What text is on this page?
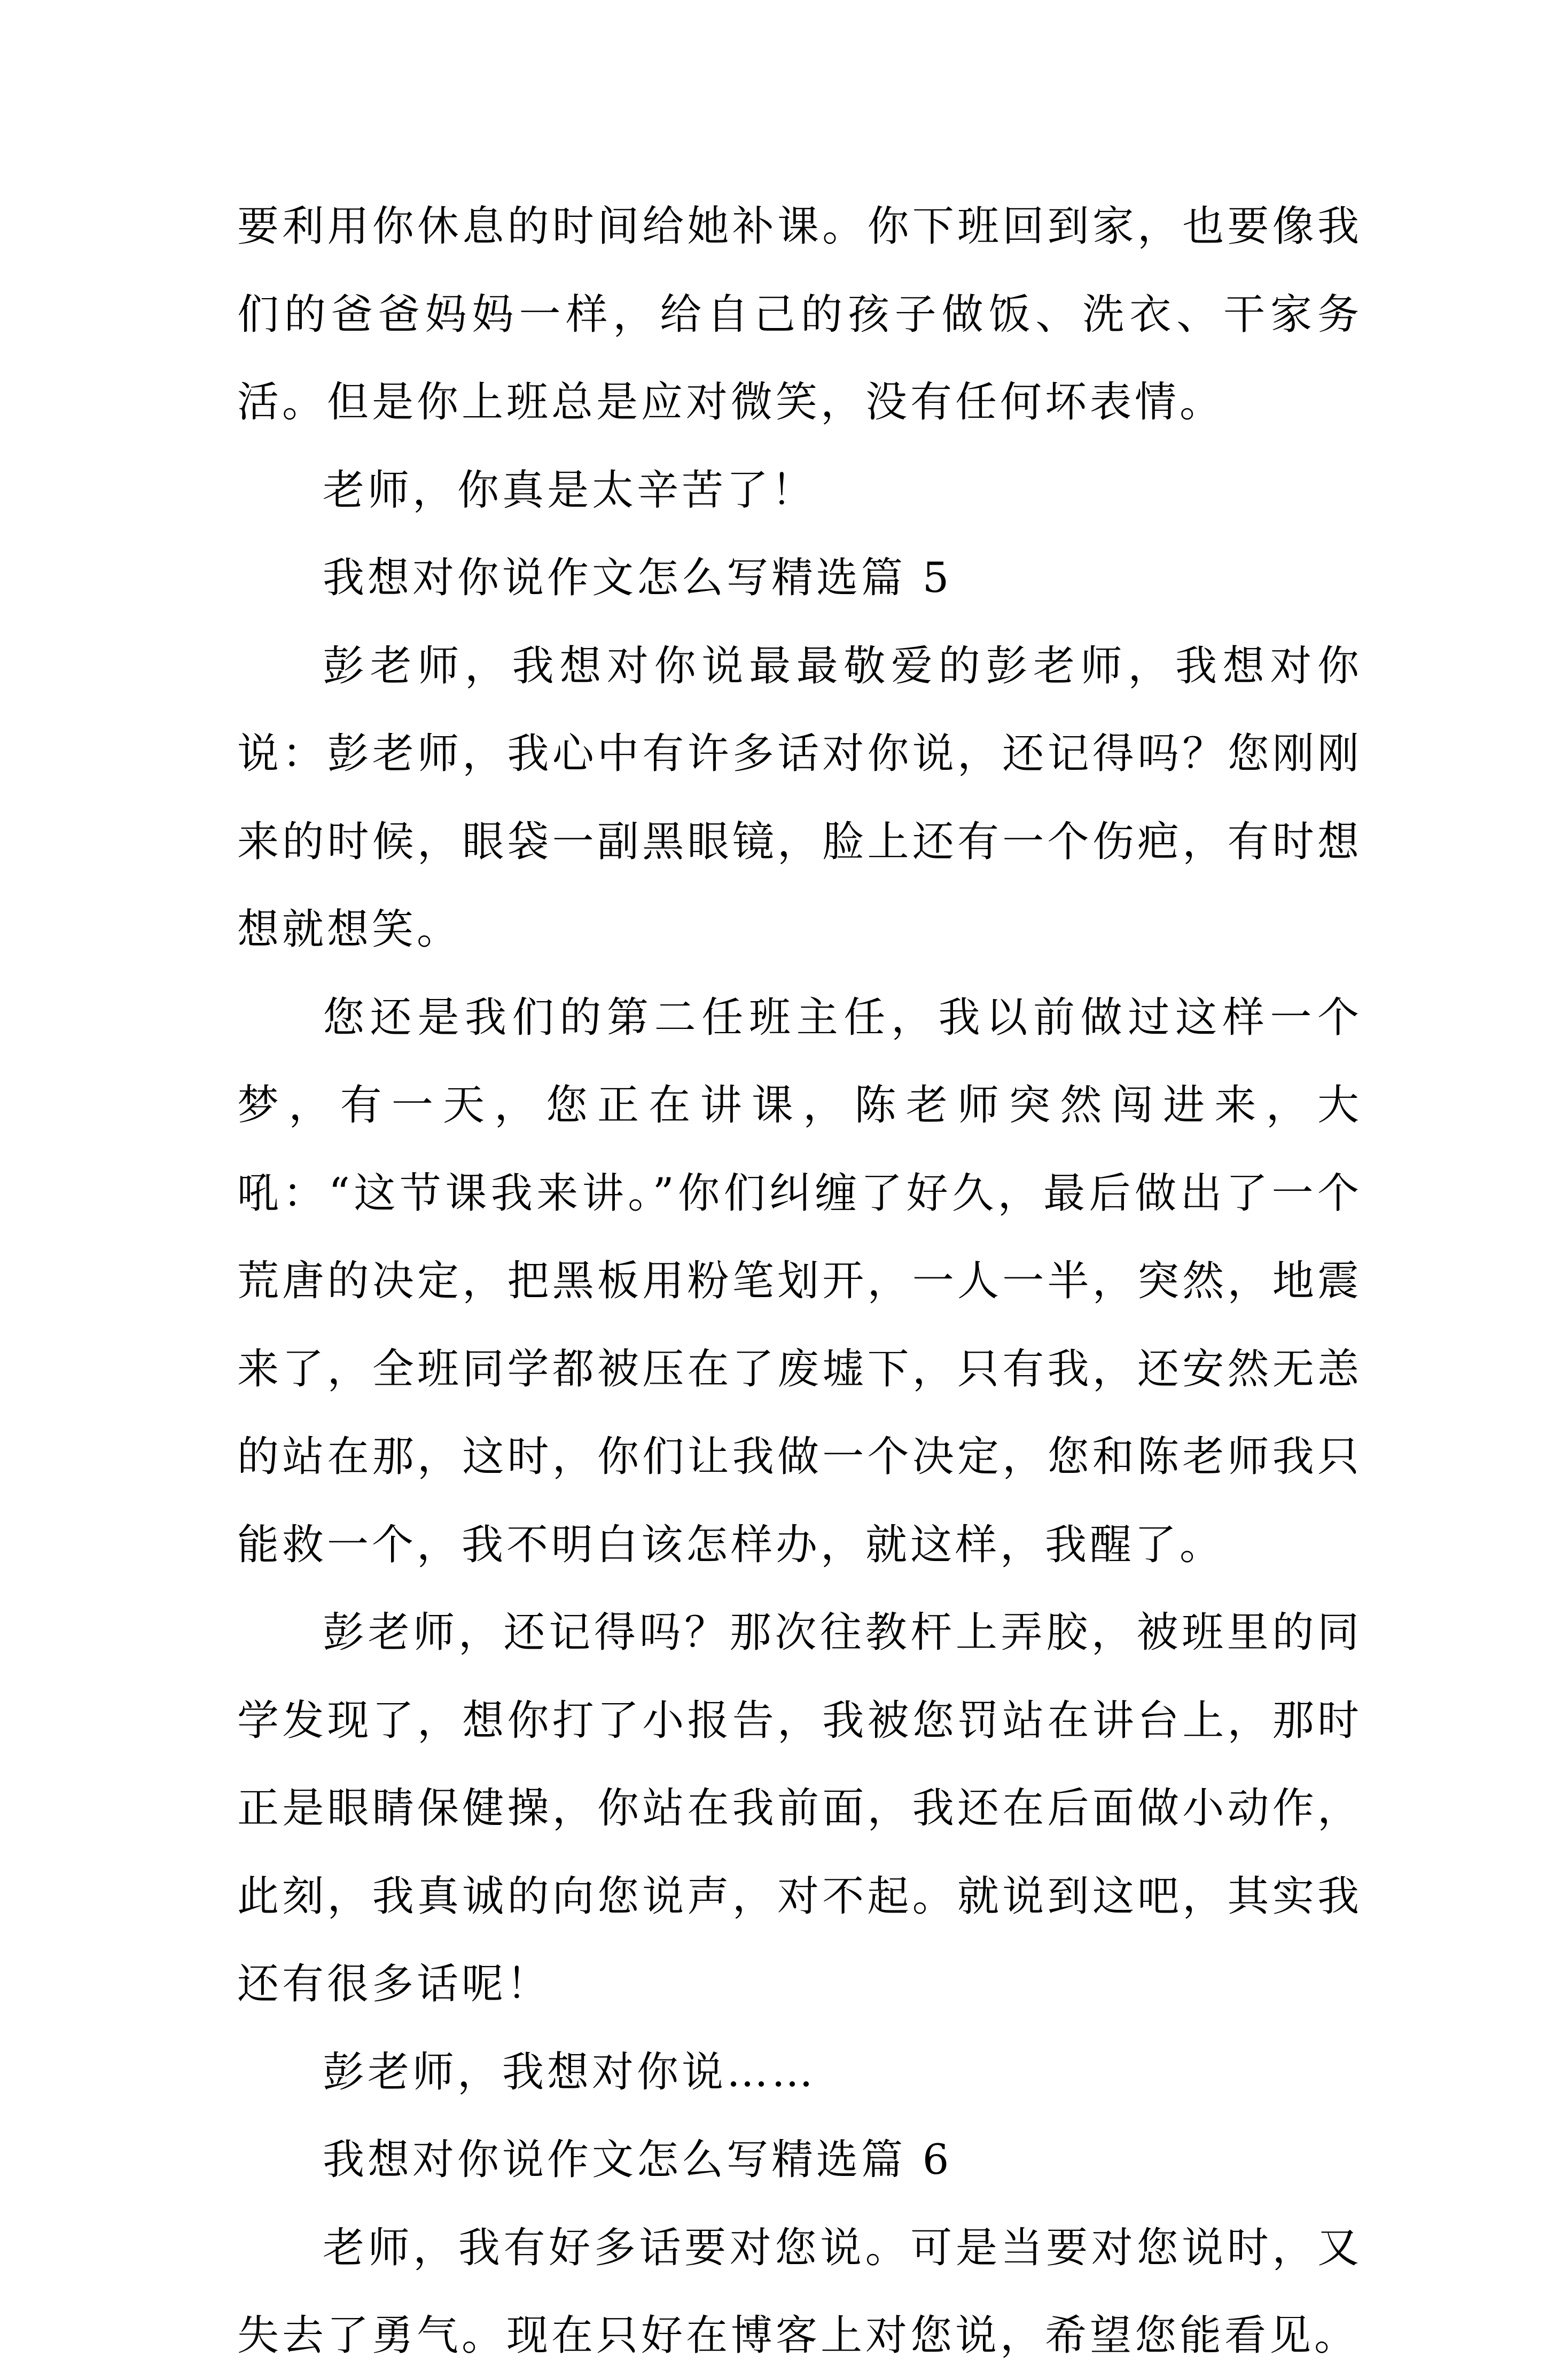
要利用你休息的时间给她补课。你下班回到家，也要像我们的爸爸妈妈一样，给自己的孩子做饭、洗衣、干家务活。但是你上班总是应对微笑，没有任何坏表情。

老师，你真是太辛苦了！

我想对你说作文怎么写精选篇 5

彭老师，我想对你说最最敬爱的彭老师，我想对你说：彭老师，我心中有许多话对你说，还记得吗？您刚刚来的时候，眼袋一副黑眼镜，脸上还有一个伤疤，有时想想就想笑。

您还是我们的第二任班主任，我以前做过这样一个梦，有一天，您正在讲课，陈老师突然闯进来，大吼：“这节课我来讲。”你们纠缠了好久，最后做出了一个荒唐的决定，把黑板用粉笔划开，一人一半，突然，地震来了，全班同学都被压在了废墟下，只有我，还安然无恙的站在那，这时，你们让我做一个决定，您和陈老师我只能救一个，我不明白该怎样办，就这样，我醒了。

彭老师，还记得吗？那次往教杆上弄胶，被班里的同学发现了，想你打了小报告，我被您罚站在讲台上，那时正是眼睛保健操，你站在我前面，我还在后面做小动作，此刻，我真诚的向您说声，对不起。就说到这吧，其实我还有很多话呢！

彭老师，我想对你说……

我想对你说作文怎么写精选篇 6

老师，我有好多话要对您说。可是当要对您说时，又失去了勇气。现在只好在博客上对您说，希望您能看见。
